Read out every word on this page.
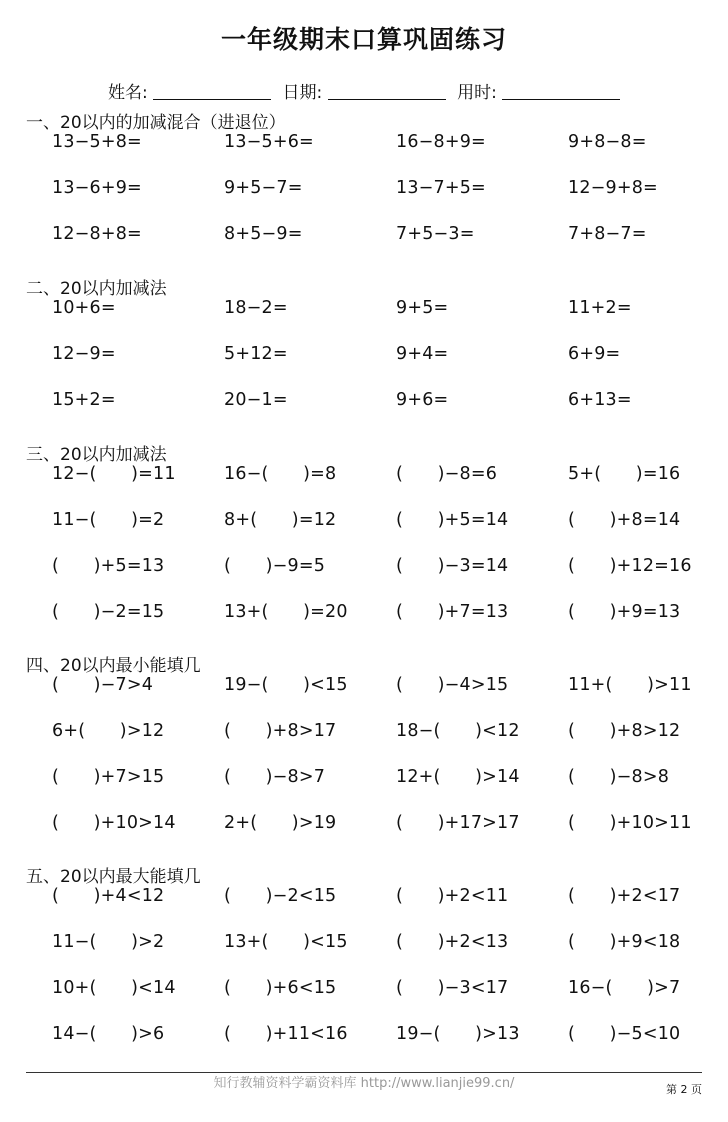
一年级期末口算巩固练习
姓名:	日期:	用时:
一、20以内的加减混合（进退位）
13−5+8=	13−5+6=	16−8+9=	9+8−8=
13−6+9=	9+5−7=	13−7+5=	12−9+8=
12−8+8=	8+5−9=	7+5−3=	7+8−7=
二、20以内加减法
10+6=	18−2=	9+5=	11+2=
12−9=	5+12=	9+4=	6+9=
15+2=	20−1=	9+6=	6+13=
三、20以内加减法
12−(      )=11	16−(      )=8	(      )−8=6	5+(      )=16
11−(      )=2	8+(      )=12	(      )+5=14	(      )+8=14
(      )+5=13	(      )−9=5	(      )−3=14	(      )+12=16
(      )−2=15	13+(      )=20	(      )+7=13	(      )+9=13
四、20以内最小能填几
(      )−7>4	19−(      )<15	(      )−4>15	11+(      )>11
6+(      )>12	(      )+8>17	18−(      )<12	(      )+8>12
(      )+7>15	(      )−8>7	12+(      )>14	(      )−8>8
(      )+10>14	2+(      )>19	(      )+17>17	(      )+10>11
五、20以内最大能填几
(      )+4<12	(      )−2<15	(      )+2<11	(      )+2<17
11−(      )>2	13+(      )<15	(      )+2<13	(      )+9<18
10+(      )<14	(      )+6<15	(      )−3<17	16−(      )>7
14−(      )>6	(      )+11<16	19−(      )>13	(      )−5<10
知行教辅资料学霸资料库 http://www.lianjie99.cn/	第 2 页
